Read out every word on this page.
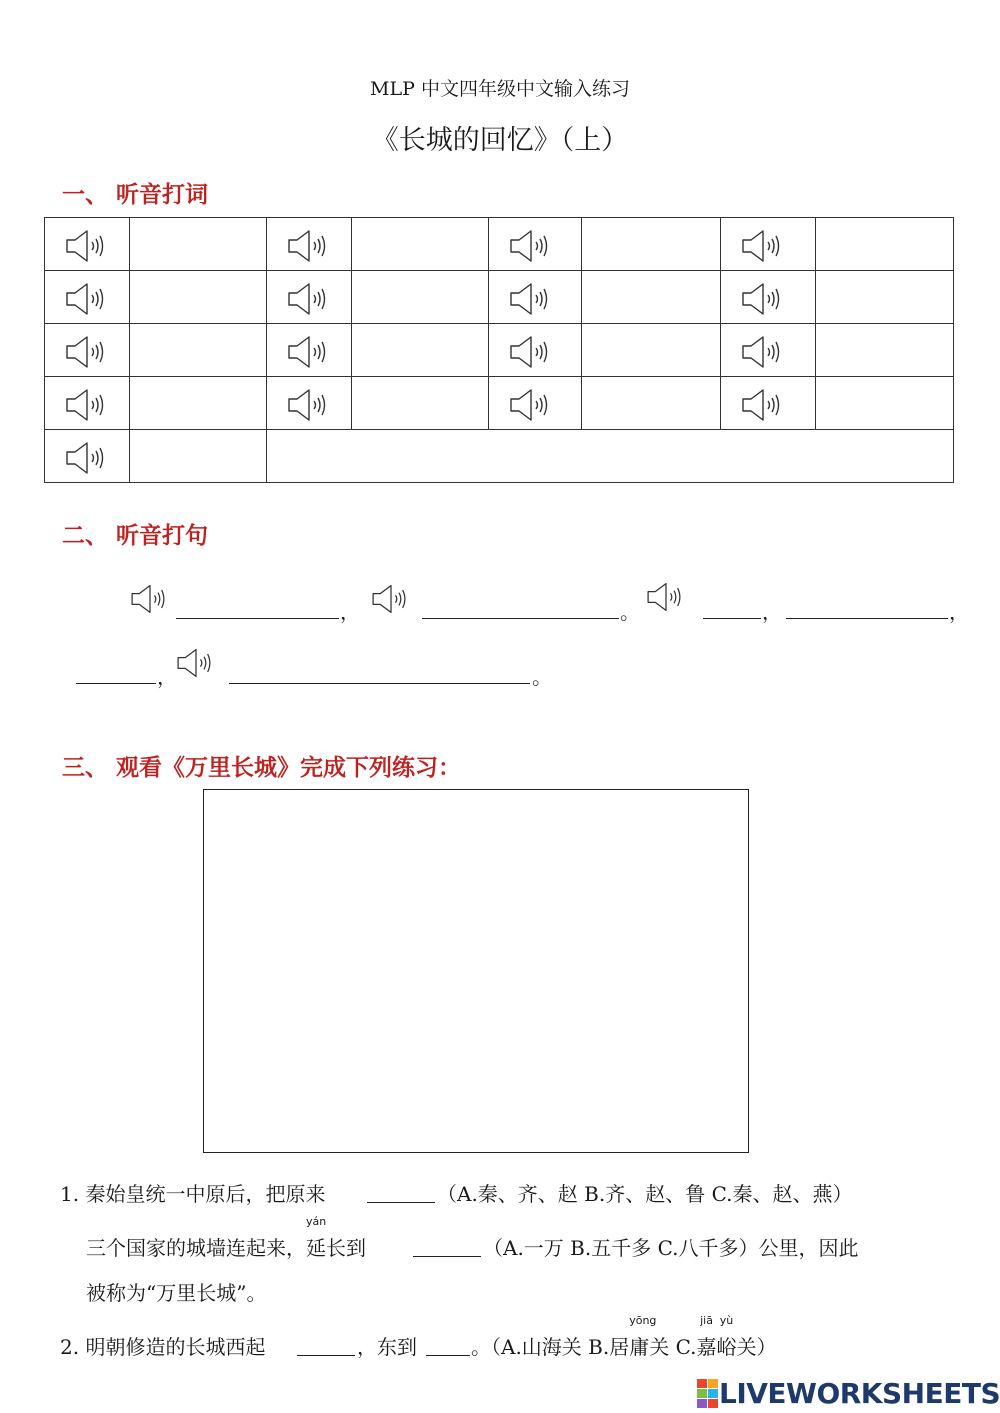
MLP 中文四年级中文输入练习
《长城的回忆》（上）
一、 听音打词

二、 听音打句
，	。	，	，
，	。
三、 观看《万里长城》完成下列练习：
1. 秦始皇统一中原后，把原来	（A.秦、齐、赵 B.齐、赵、鲁 C.秦、赵、燕）
三个国家的城墙连起来，
yán
延长到	（A.一万 B.五千多 C.八千多）公里，因此
被称为“万里长城”。
2. 明朝修造的长城西起	，东到	。（A.山海关 B.居
yōng
庸关 C.
jiā
嘉
yù
峪关）
LIVEWORKSHEETS
